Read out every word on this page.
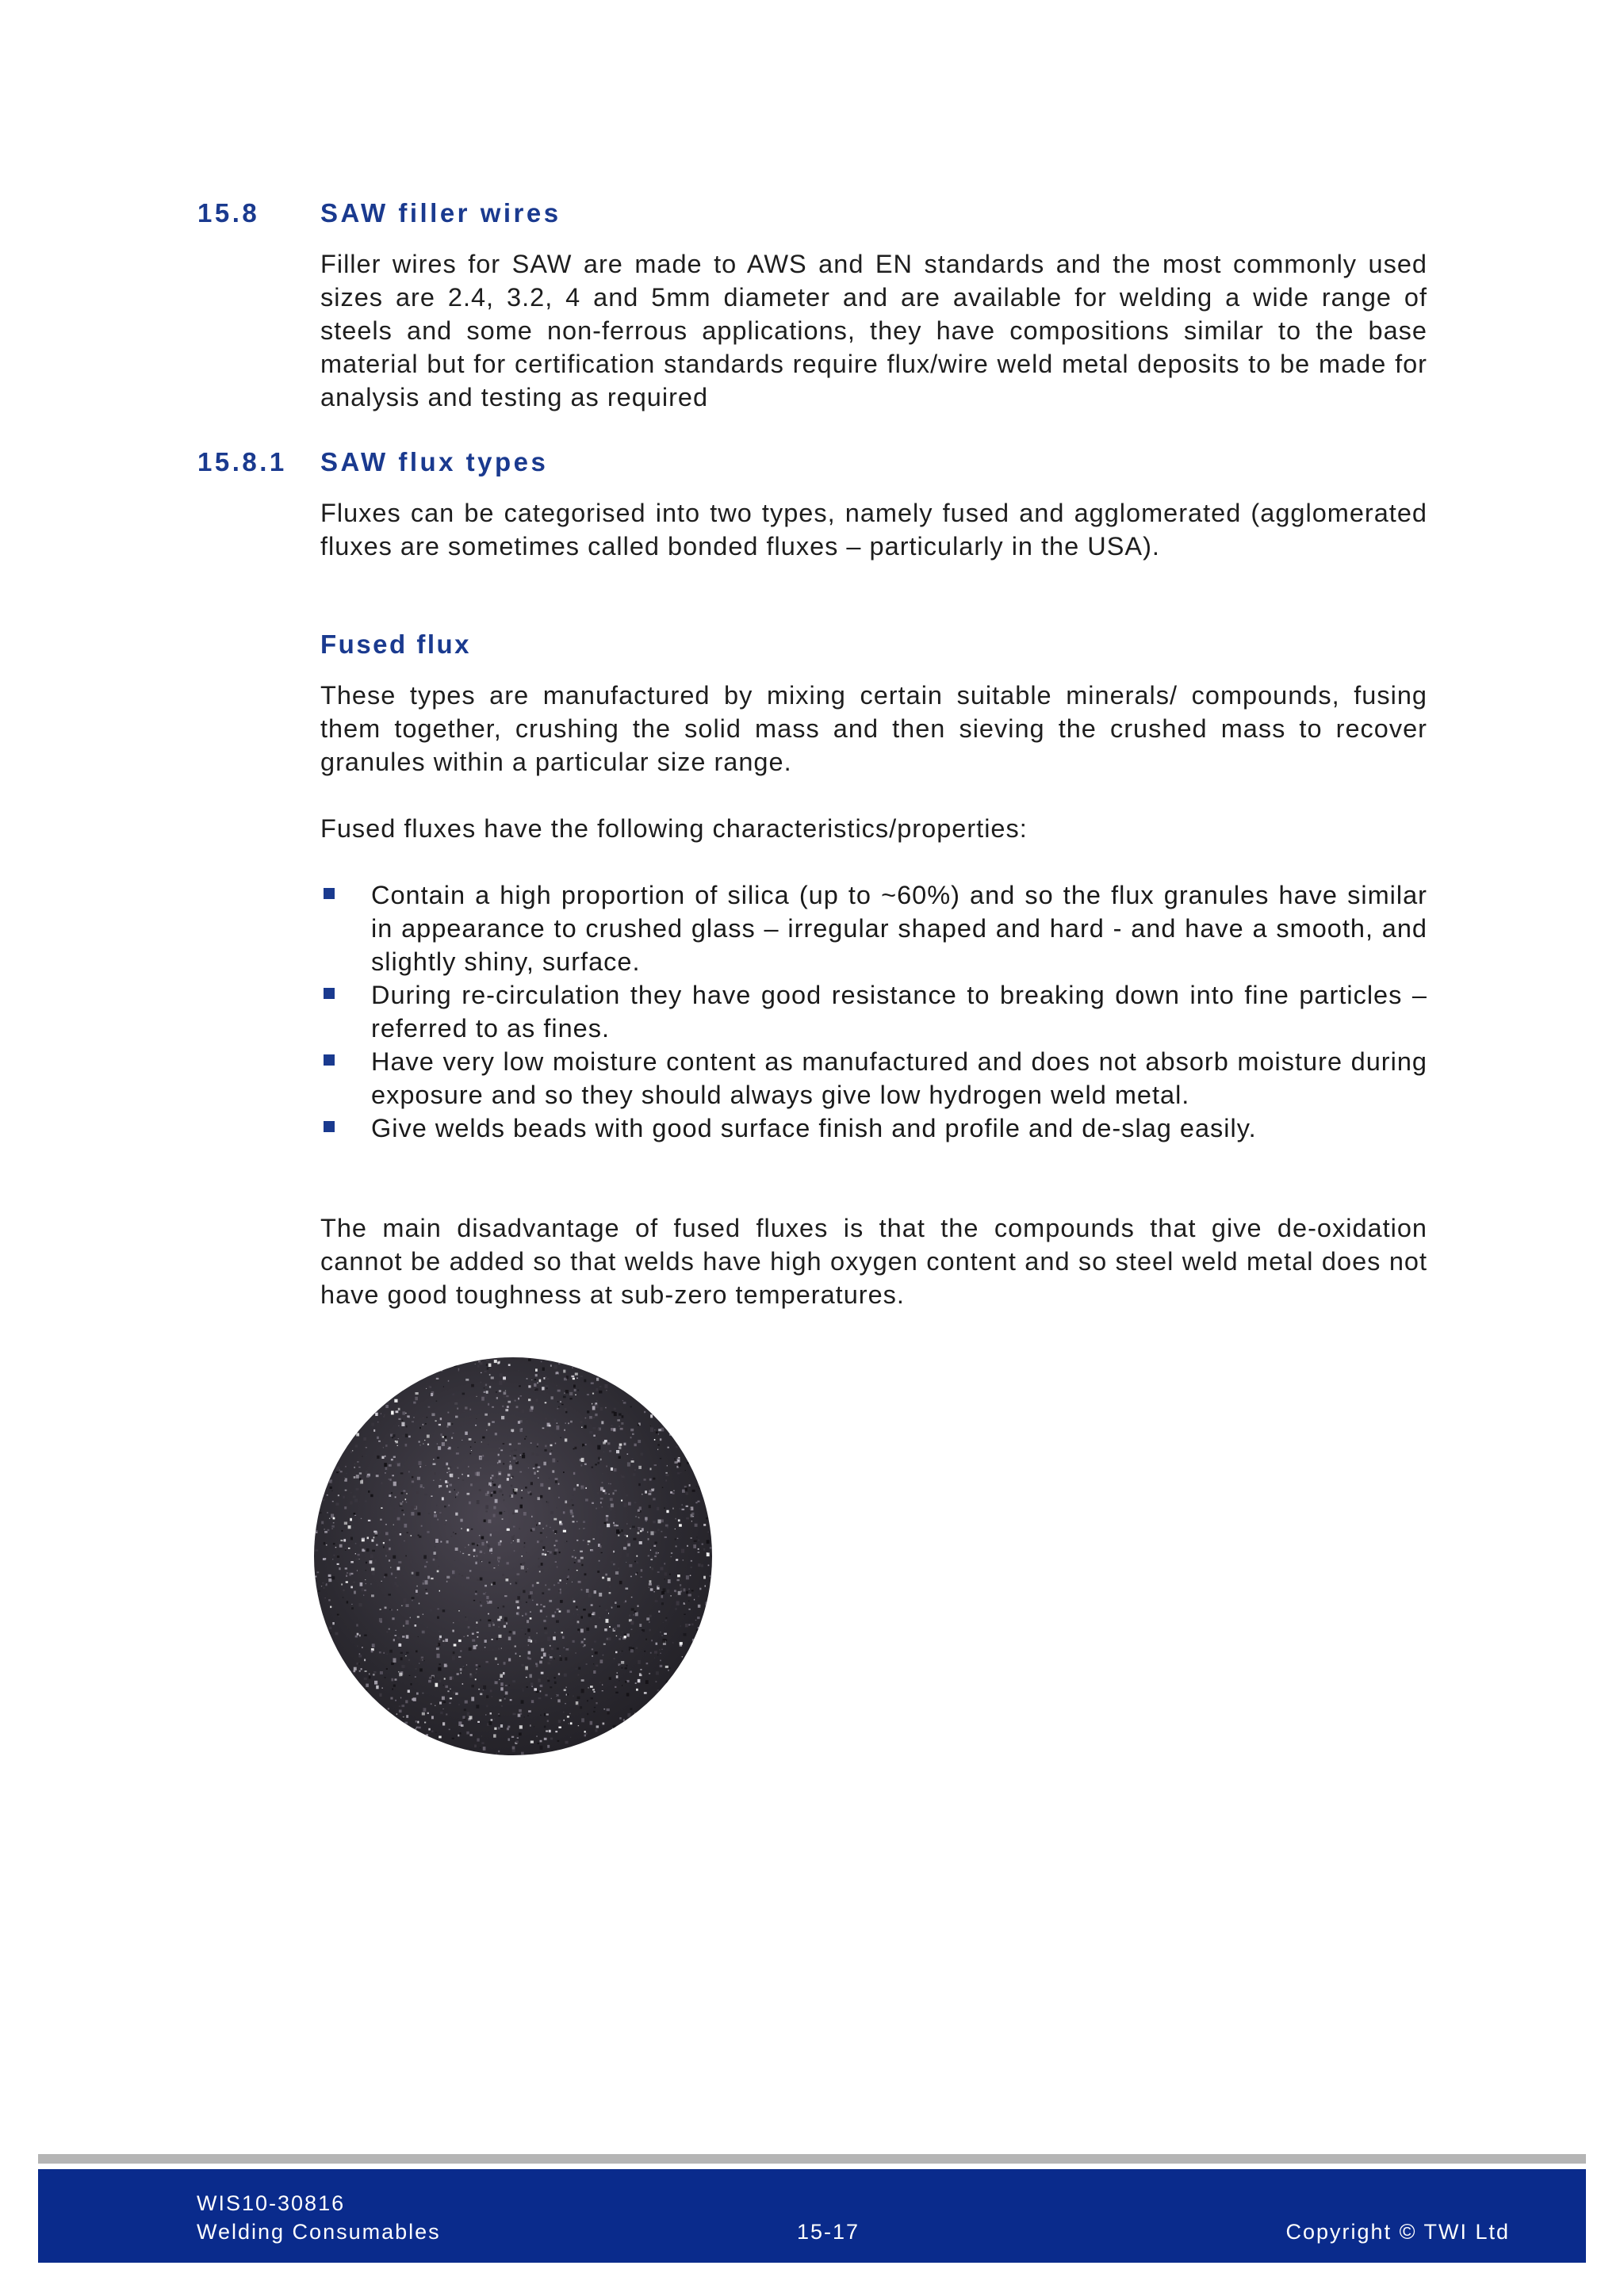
15.8 SAW filler wires

Filler wires for SAW are made to AWS and EN standards and the most commonly used sizes are 2.4, 3.2, 4 and 5mm diameter and are available for welding a wide range of steels and some non-ferrous applications, they have compositions similar to the base material but for certification standards require flux/wire weld metal deposits to be made for analysis and testing as required

15.8.1 SAW flux types

Fluxes can be categorised into two types, namely fused and agglomerated (agglomerated fluxes are sometimes called bonded fluxes – particularly in the USA).

Fused flux

These types are manufactured by mixing certain suitable minerals/ compounds, fusing them together, crushing the solid mass and then sieving the crushed mass to recover granules within a particular size range.

Fused fluxes have the following characteristics/properties:

Contain a high proportion of silica (up to ~60%) and so the flux granules have similar in appearance to crushed glass – irregular shaped and hard - and have a smooth, and slightly shiny, surface.
During re-circulation they have good resistance to breaking down into fine particles – referred to as fines.
Have very low moisture content as manufactured and does not absorb moisture during exposure and so they should always give low hydrogen weld metal.
Give welds beads with good surface finish and profile and de-slag easily.

The main disadvantage of fused fluxes is that the compounds that give de-oxidation cannot be added so that welds have high oxygen content and so steel weld metal does not have good toughness at sub-zero temperatures.

WIS10-30816
Welding Consumables	15-17	Copyright © TWI Ltd
